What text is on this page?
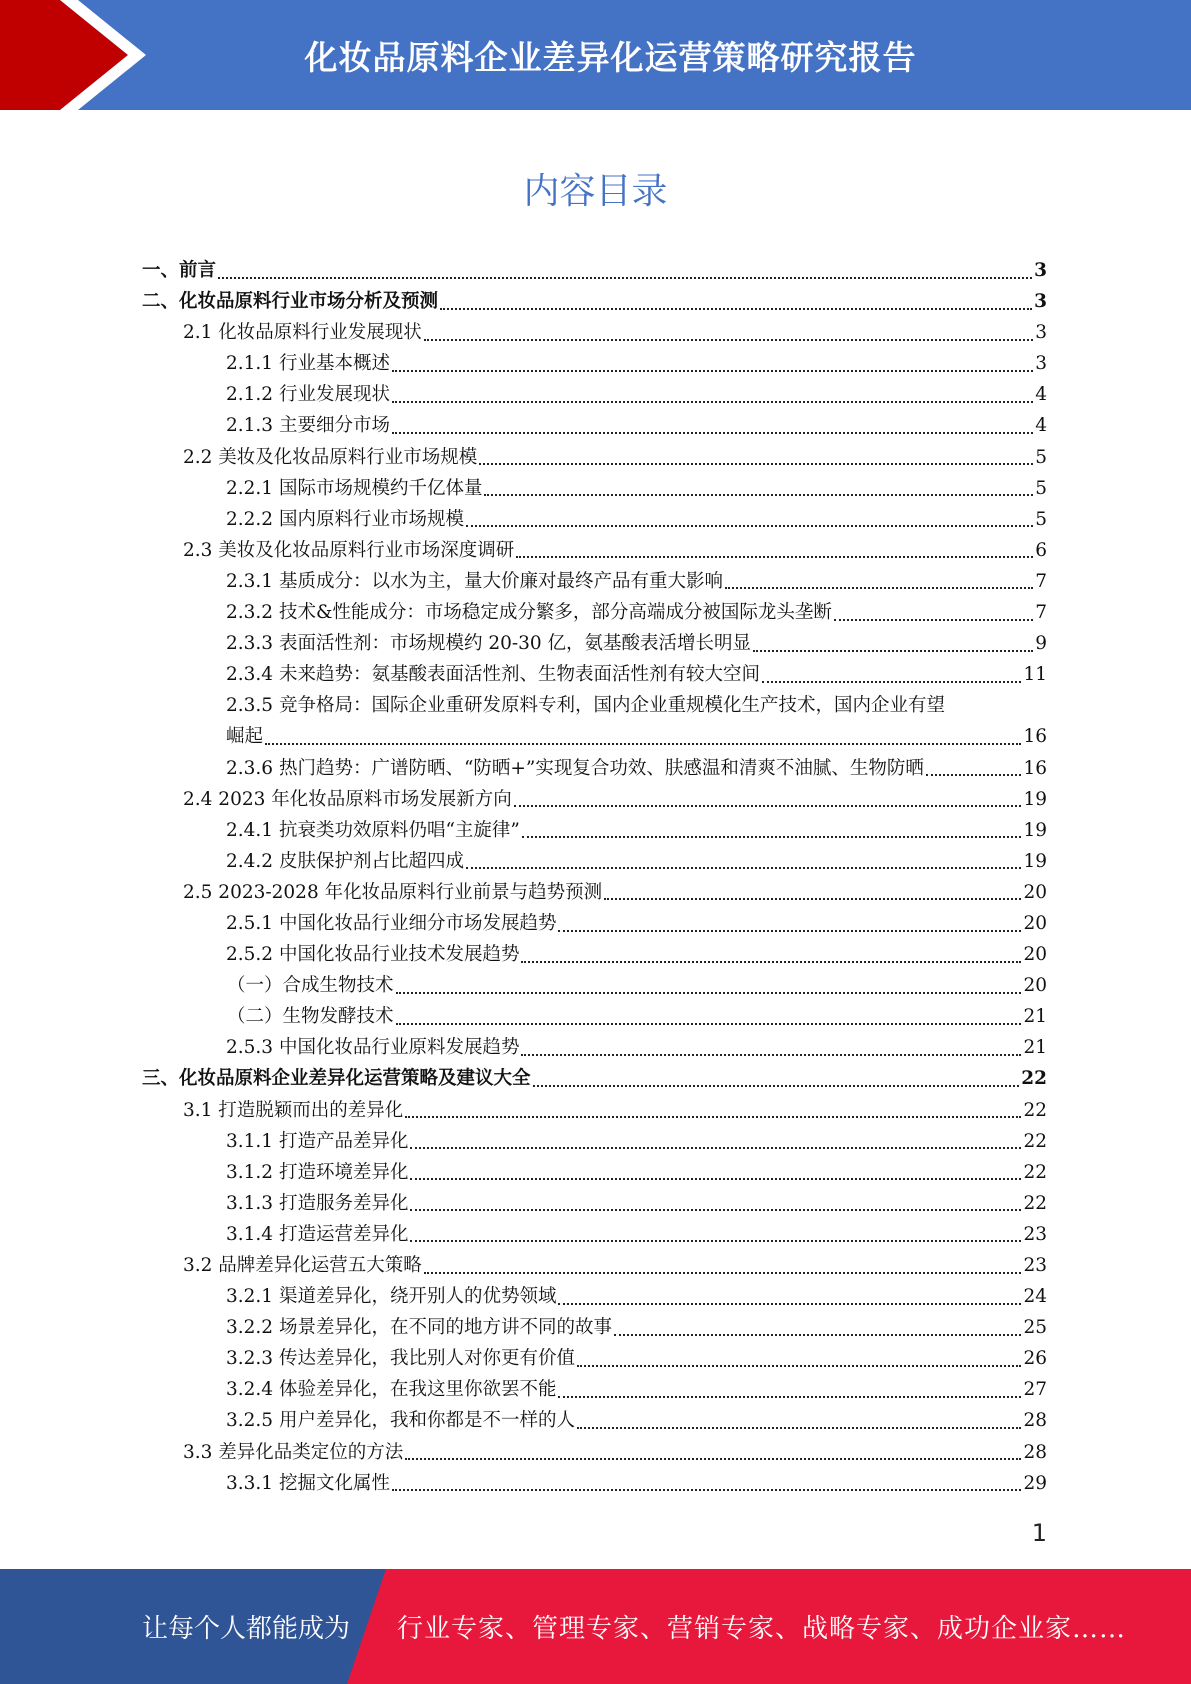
化妆品原料企业差异化运营策略研究报告
内容目录
一、前言	3
二、化妆品原料行业市场分析及预测	3
2.1 化妆品原料行业发展现状	3
2.1.1 行业基本概述	3
2.1.2 行业发展现状	4
2.1.3 主要细分市场	4
2.2 美妆及化妆品原料行业市场规模	5
2.2.1 国际市场规模约千亿体量	5
2.2.2 国内原料行业市场规模	5
2.3 美妆及化妆品原料行业市场深度调研	6
2.3.1 基质成分：以水为主，量大价廉对最终产品有重大影响	7
2.3.2 技术&性能成分：市场稳定成分繁多，部分高端成分被国际龙头垄断	7
2.3.3 表面活性剂：市场规模约 20-30 亿，氨基酸表活增长明显	9
2.3.4 未来趋势：氨基酸表面活性剂、生物表面活性剂有较大空间	11
2.3.5 竞争格局：国际企业重研发原料专利，国内企业重规模化生产技术，国内企业有望
崛起	16
2.3.6 热门趋势：广谱防晒、“防晒+”实现复合功效、肤感温和清爽不油腻、生物防晒	16
2.4 2023 年化妆品原料市场发展新方向	19
2.4.1 抗衰类功效原料仍唱“主旋律”	19
2.4.2 皮肤保护剂占比超四成	19
2.5 2023-2028 年化妆品原料行业前景与趋势预测	20
2.5.1 中国化妆品行业细分市场发展趋势	20
2.5.2 中国化妆品行业技术发展趋势	20
（一）合成生物技术	20
（二）生物发酵技术	21
2.5.3 中国化妆品行业原料发展趋势	21
三、化妆品原料企业差异化运营策略及建议大全	22
3.1 打造脱颖而出的差异化	22
3.1.1 打造产品差异化	22
3.1.2 打造环境差异化	22
3.1.3 打造服务差异化	22
3.1.4 打造运营差异化	23
3.2 品牌差异化运营五大策略	23
3.2.1 渠道差异化，绕开别人的优势领域	24
3.2.2 场景差异化，在不同的地方讲不同的故事	25
3.2.3 传达差异化，我比别人对你更有价值	26
3.2.4 体验差异化，在我这里你欲罢不能	27
3.2.5 用户差异化，我和你都是不一样的人	28
3.3 差异化品类定位的方法	28
3.3.1 挖掘文化属性	29
1
让每个人都能成为 行业专家、管理专家、营销专家、战略专家、成功企业家……
